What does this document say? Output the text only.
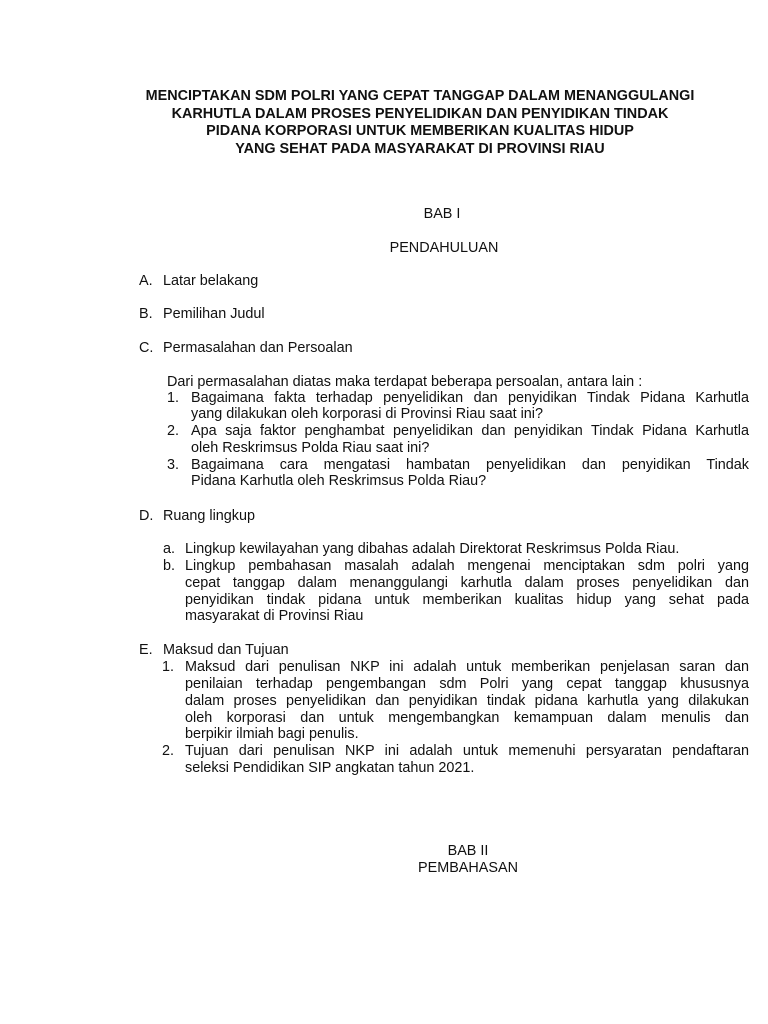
MENCIPTAKAN SDM POLRI YANG CEPAT TANGGAP DALAM MENANGGULANGI
KARHUTLA DALAM PROSES PENYELIDIKAN DAN PENYIDIKAN TINDAK
PIDANA KORPORASI UNTUK MEMBERIKAN KUALITAS HIDUP
YANG SEHAT PADA MASYARAKAT DI PROVINSI RIAU
BAB I
PENDAHULUAN
A. Latar belakang
B. Pemilihan Judul
C. Permasalahan dan Persoalan
Dari permasalahan diatas maka terdapat beberapa persoalan, antara lain :
1. Bagaimana fakta terhadap penyelidikan dan penyidikan Tindak Pidana Karhutla
yang dilakukan oleh korporasi di Provinsi Riau saat ini?
2. Apa saja faktor penghambat penyelidikan dan penyidikan Tindak Pidana Karhutla
oleh Reskrimsus Polda Riau saat ini?
3. Bagaimana cara mengatasi hambatan penyelidikan dan penyidikan Tindak
Pidana Karhutla oleh Reskrimsus Polda Riau?
D. Ruang lingkup
a. Lingkup kewilayahan yang dibahas adalah Direktorat Reskrimsus Polda Riau.
b. Lingkup pembahasan masalah adalah mengenai menciptakan sdm polri yang
cepat tanggap dalam menanggulangi karhutla dalam proses penyelidikan dan
penyidikan tindak pidana untuk memberikan kualitas hidup yang sehat pada
masyarakat di Provinsi Riau
E. Maksud dan Tujuan
1. Maksud dari penulisan NKP ini adalah untuk memberikan penjelasan saran dan
penilaian terhadap pengembangan sdm Polri yang cepat tanggap khususnya
dalam proses penyelidikan dan penyidikan tindak pidana karhutla yang dilakukan
oleh korporasi dan untuk mengembangkan kemampuan dalam menulis dan
berpikir ilmiah bagi penulis.
2. Tujuan dari penulisan NKP ini adalah untuk memenuhi persyaratan pendaftaran
seleksi Pendidikan SIP angkatan tahun 2021.
BAB II
PEMBAHASAN
